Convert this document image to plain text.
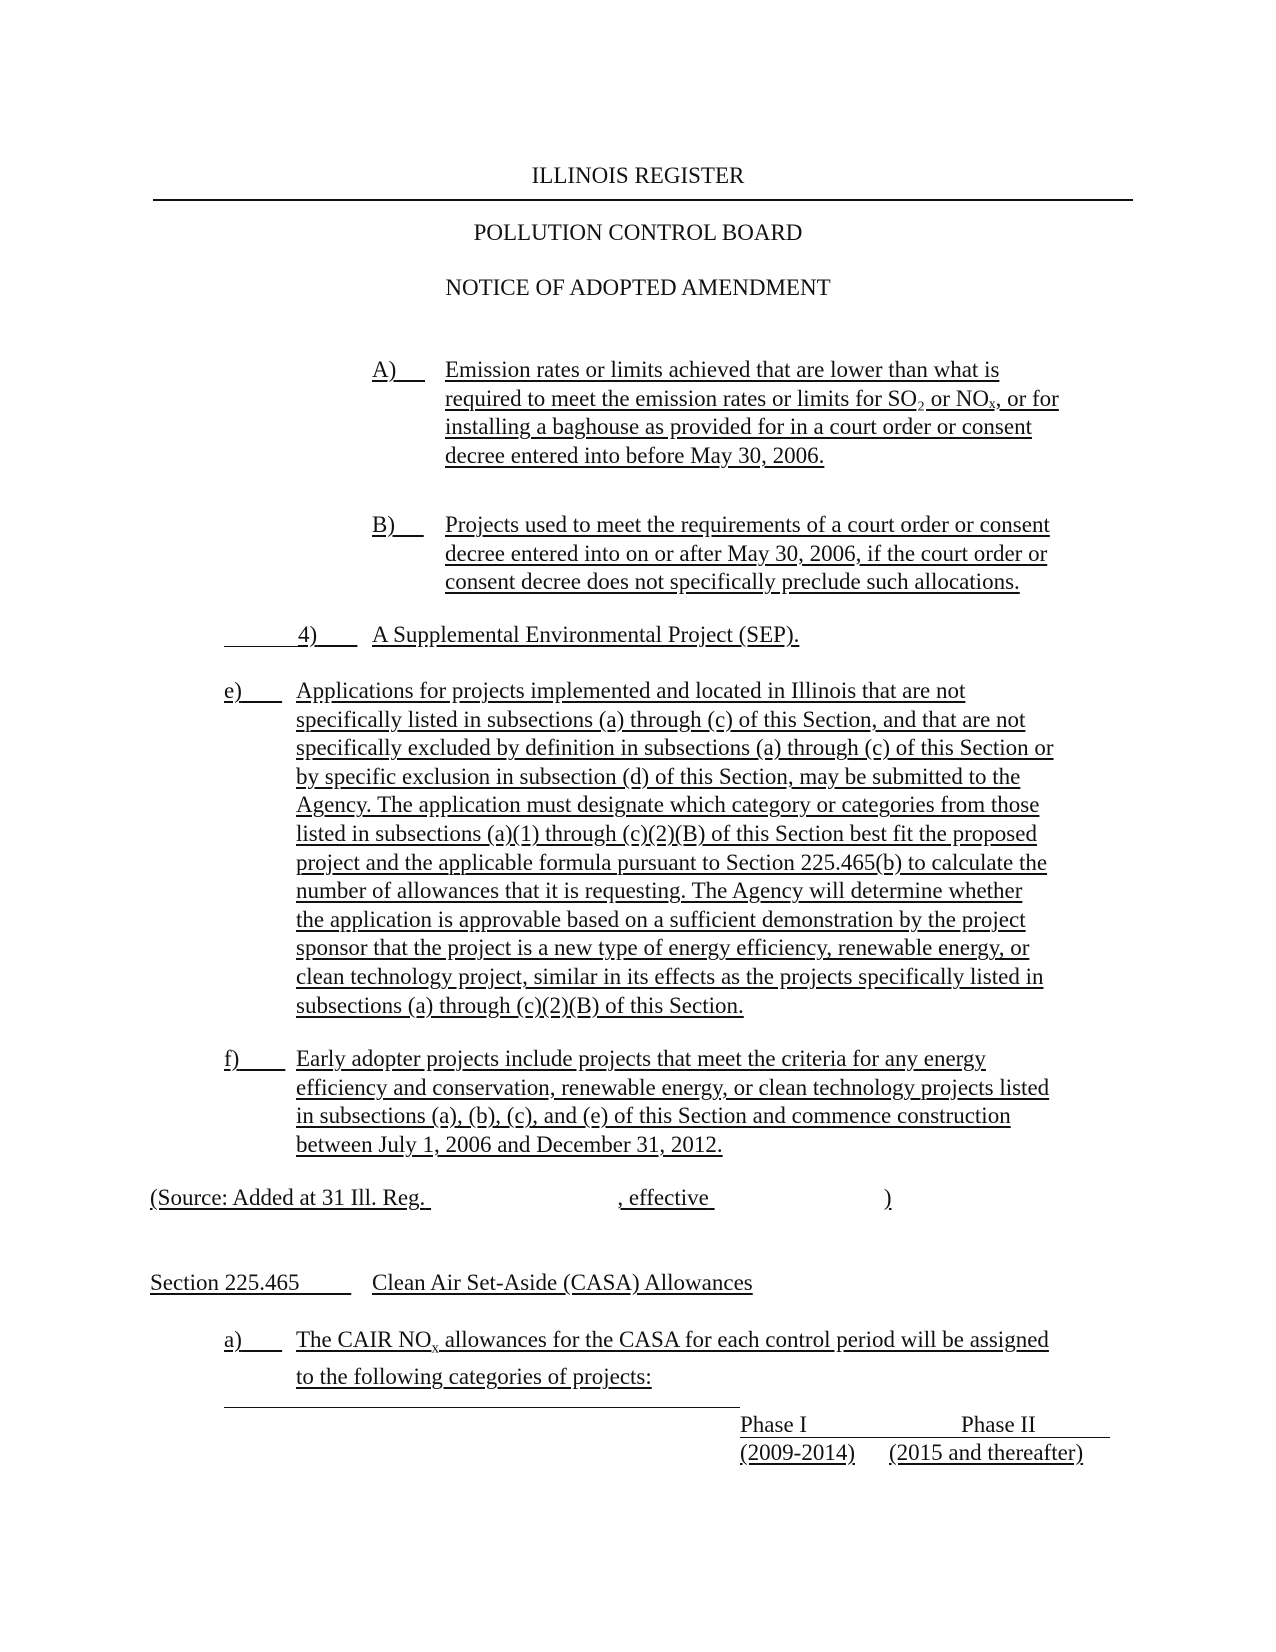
ILLINOIS REGISTER
POLLUTION CONTROL BOARD
NOTICE OF ADOPTED AMENDMENT
A)	Emission rates or limits achieved that are lower than what is
required to meet the emission rates or limits for SO₂ or NOₓ, or for
installing a baghouse as provided for in a court order or consent
decree entered into before May 30, 2006.
B)	Projects used to meet the requirements of a court order or consent
decree entered into on or after May 30, 2006, if the court order or
consent decree does not specifically preclude such allocations.
4)	A Supplemental Environmental Project (SEP).
e)	Applications for projects implemented and located in Illinois that are not
specifically listed in subsections (a) through (c) of this Section, and that are not
specifically excluded by definition in subsections (a) through (c) of this Section or
by specific exclusion in subsection (d) of this Section, may be submitted to the
Agency. The application must designate which category or categories from those
listed in subsections (a)(1) through (c)(2)(B) of this Section best fit the proposed
project and the applicable formula pursuant to Section 225.465(b) to calculate the
number of allowances that it is requesting. The Agency will determine whether
the application is approvable based on a sufficient demonstration by the project
sponsor that the project is a new type of energy efficiency, renewable energy, or
clean technology project, similar in its effects as the projects specifically listed in
subsections (a) through (c)(2)(B) of this Section.
f)	Early adopter projects include projects that meet the criteria for any energy
efficiency and conservation, renewable energy, or clean technology projects listed
in subsections (a), (b), (c), and (e) of this Section and commence construction
between July 1, 2006 and December 31, 2012.
(Source: Added at 31 Ill. Reg.	, effective	)
Section 225.465	Clean Air Set-Aside (CASA) Allowances
a)	The CAIR $NO_x$ allowances for the CASA for each control period will be assigned
to the following categories of projects:
Phase I	Phase II
(2009-2014) (2015 and thereafter)
